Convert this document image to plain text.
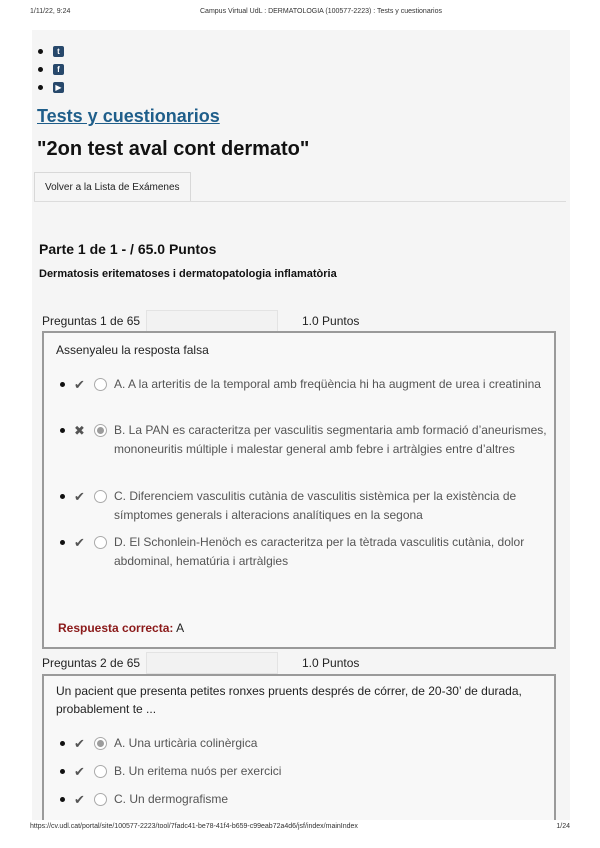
1/11/22, 9:24	Campus Virtual UdL : DERMATOLOGIA (100577-2223) : Tests y cuestionarios
t
f
▶
Tests y cuestionarios
"2on test aval cont dermato"
Volver a la Lista de Exámenes
Parte 1 de 1 - / 65.0 Puntos
Dermatosis eritematoses i dermatopatologia inflamatòria
Preguntas 1 de 65	1.0 Puntos
Assenyaleu la resposta falsa
✔ A. A la arteritis de la temporal amb freqüència hi ha augment de urea i creatinina
✖ B. La PAN es caracteritza per vasculitis segmentaria amb formació d’aneurismes, mononeuritis múltiple i malestar general amb febre i artràlgies entre d’altres
✔ C. Diferenciem vasculitis cutània de vasculitis sistèmica per la existència de símptomes generals i alteracions analítiques en la segona
✔ D. El Schonlein-Henöch es caracteritza per la tètrada vasculitis cutània, dolor abdominal, hematúria i artràlgies
Respuesta correcta: A
Preguntas 2 de 65	1.0 Puntos
Un pacient que presenta petites ronxes pruents després de córrer, de 20-30’ de durada, probablement te ...
✔ A. Una urticària colinèrgica
✔ B. Un eritema nuós per exercici
✔ C. Un dermografisme
https://cv.udl.cat/portal/site/100577-2223/tool/7fadc41-be78-41f4-b659-c99eab72a4d6/jsf/index/mainIndex	1/24
